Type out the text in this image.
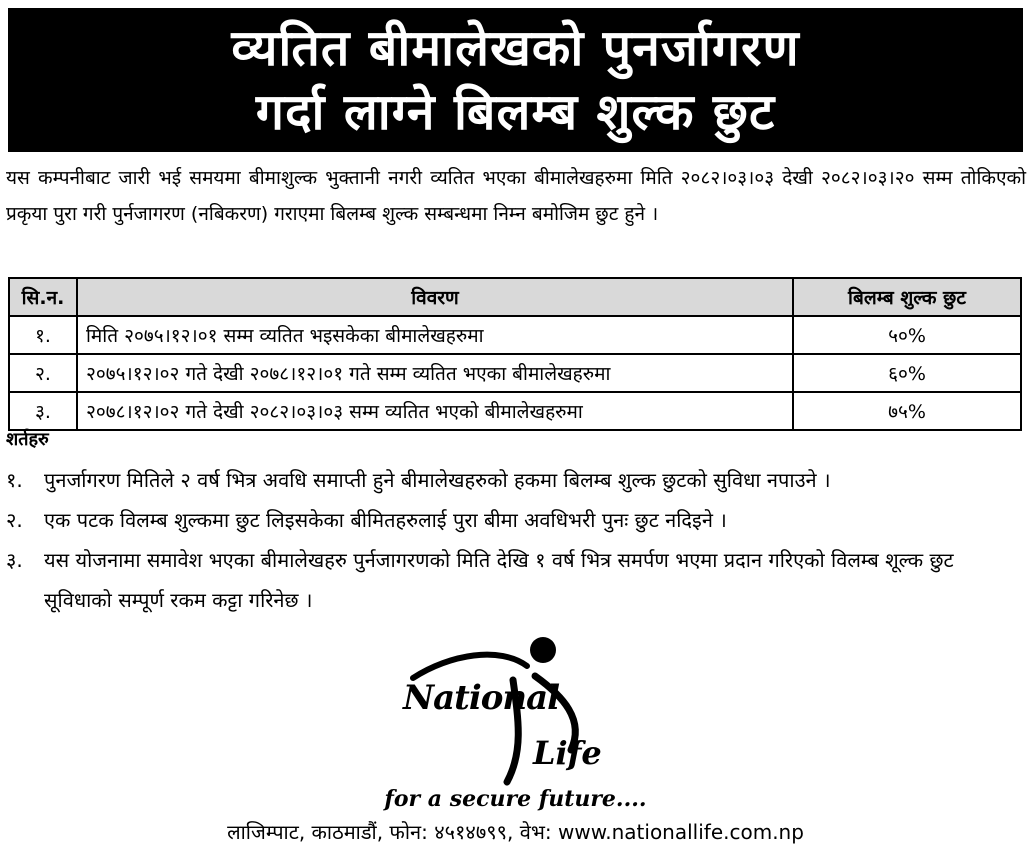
व्यतित बीमालेखको पुनर्जागरण
गर्दा लाग्ने बिलम्ब शुल्क छुट
यस कम्पनीबाट जारी भई समयमा बीमाशुल्क भुक्तानी नगरी व्यतित भएका बीमालेखहरुमा मिति २०८२।०३।०३ देखी २०८२।०३।२० सम्म तोकिएको प्रकृया पुरा गरी पुर्नजागरण (नबिकरण) गराएमा बिलम्ब शुल्क सम्बन्धमा निम्न बमोजिम छुट हुने ।
सि.न.	विवरण	बिलम्ब शुल्क छुट
१.	मिति २०७५।१२।०१ सम्म व्यतित भइसकेका बीमालेखहरुमा	५०%
२.	२०७५।१२।०२ गते देखी २०७८।१२।०१ गते सम्म व्यतित भएका बीमालेखहरुमा	६०%
३.	२०७८।१२।०२ गते देखी २०८२।०३।०३ सम्म व्यतित भएको बीमालेखहरुमा	७५%
शर्तहरु
१.	पुनर्जागरण मितिले २ वर्ष भित्र अवधि समाप्ती हुने बीमालेखहरुको हकमा बिलम्ब शुल्क छुटको सुविधा नपाउने ।
२.	एक पटक विलम्ब शुल्कमा छुट लिइसकेका बीमितहरुलाई पुरा बीमा अवधिभरी पुनः छुट नदिइने ।
३.	यस योजनामा समावेश भएका बीमालेखहरु पुर्नजागरणको मिति देखि १ वर्ष भित्र समर्पण भएमा प्रदान गरिएको विलम्ब शूल्क छुट सूविधाको सम्पूर्ण रकम कट्टा गरिनेछ ।
National
Life
for a secure future....
लाजिम्पाट, काठमाडौं, फोन: ४५१४७९९, वेभ: www.nationallife.com.np
